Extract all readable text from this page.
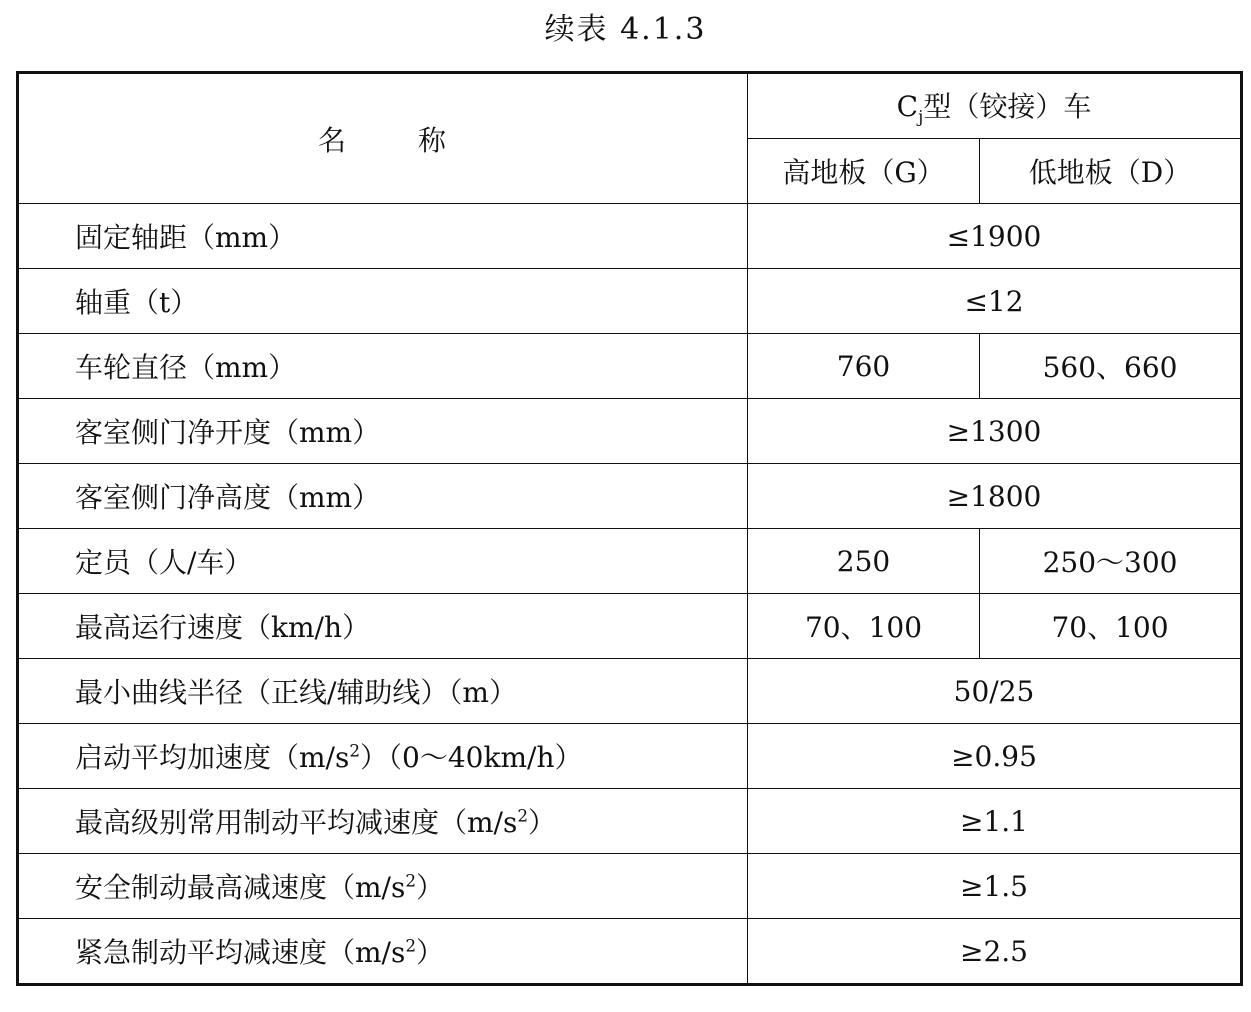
续表 4.1.3
名 称	$C_j$型（铰接）车	
	高地板（G）	低地板（D）
固定轴距（mm）	≤1900	
轴重（t）	≤12	
车轮直径（mm）	760	560、660
客室侧门净开度（mm）	≥1300	
客室侧门净高度（mm）	≥1800	
定员（人/车）	250	250～300
最高运行速度（km/h）	70、100	70、100
最小曲线半径（正线/辅助线）（m）	50/25	
启动平均加速度$(m/s^2)(0\sim 40km/h)$	≥0.95	
最高级别常用制动平均减速度$(m/s^2)$	≥1.1	
安全制动最高减速度$(m/s^2)$	≥1.5	
紧急制动平均减速度$(m/s^2)$	≥2.5	
